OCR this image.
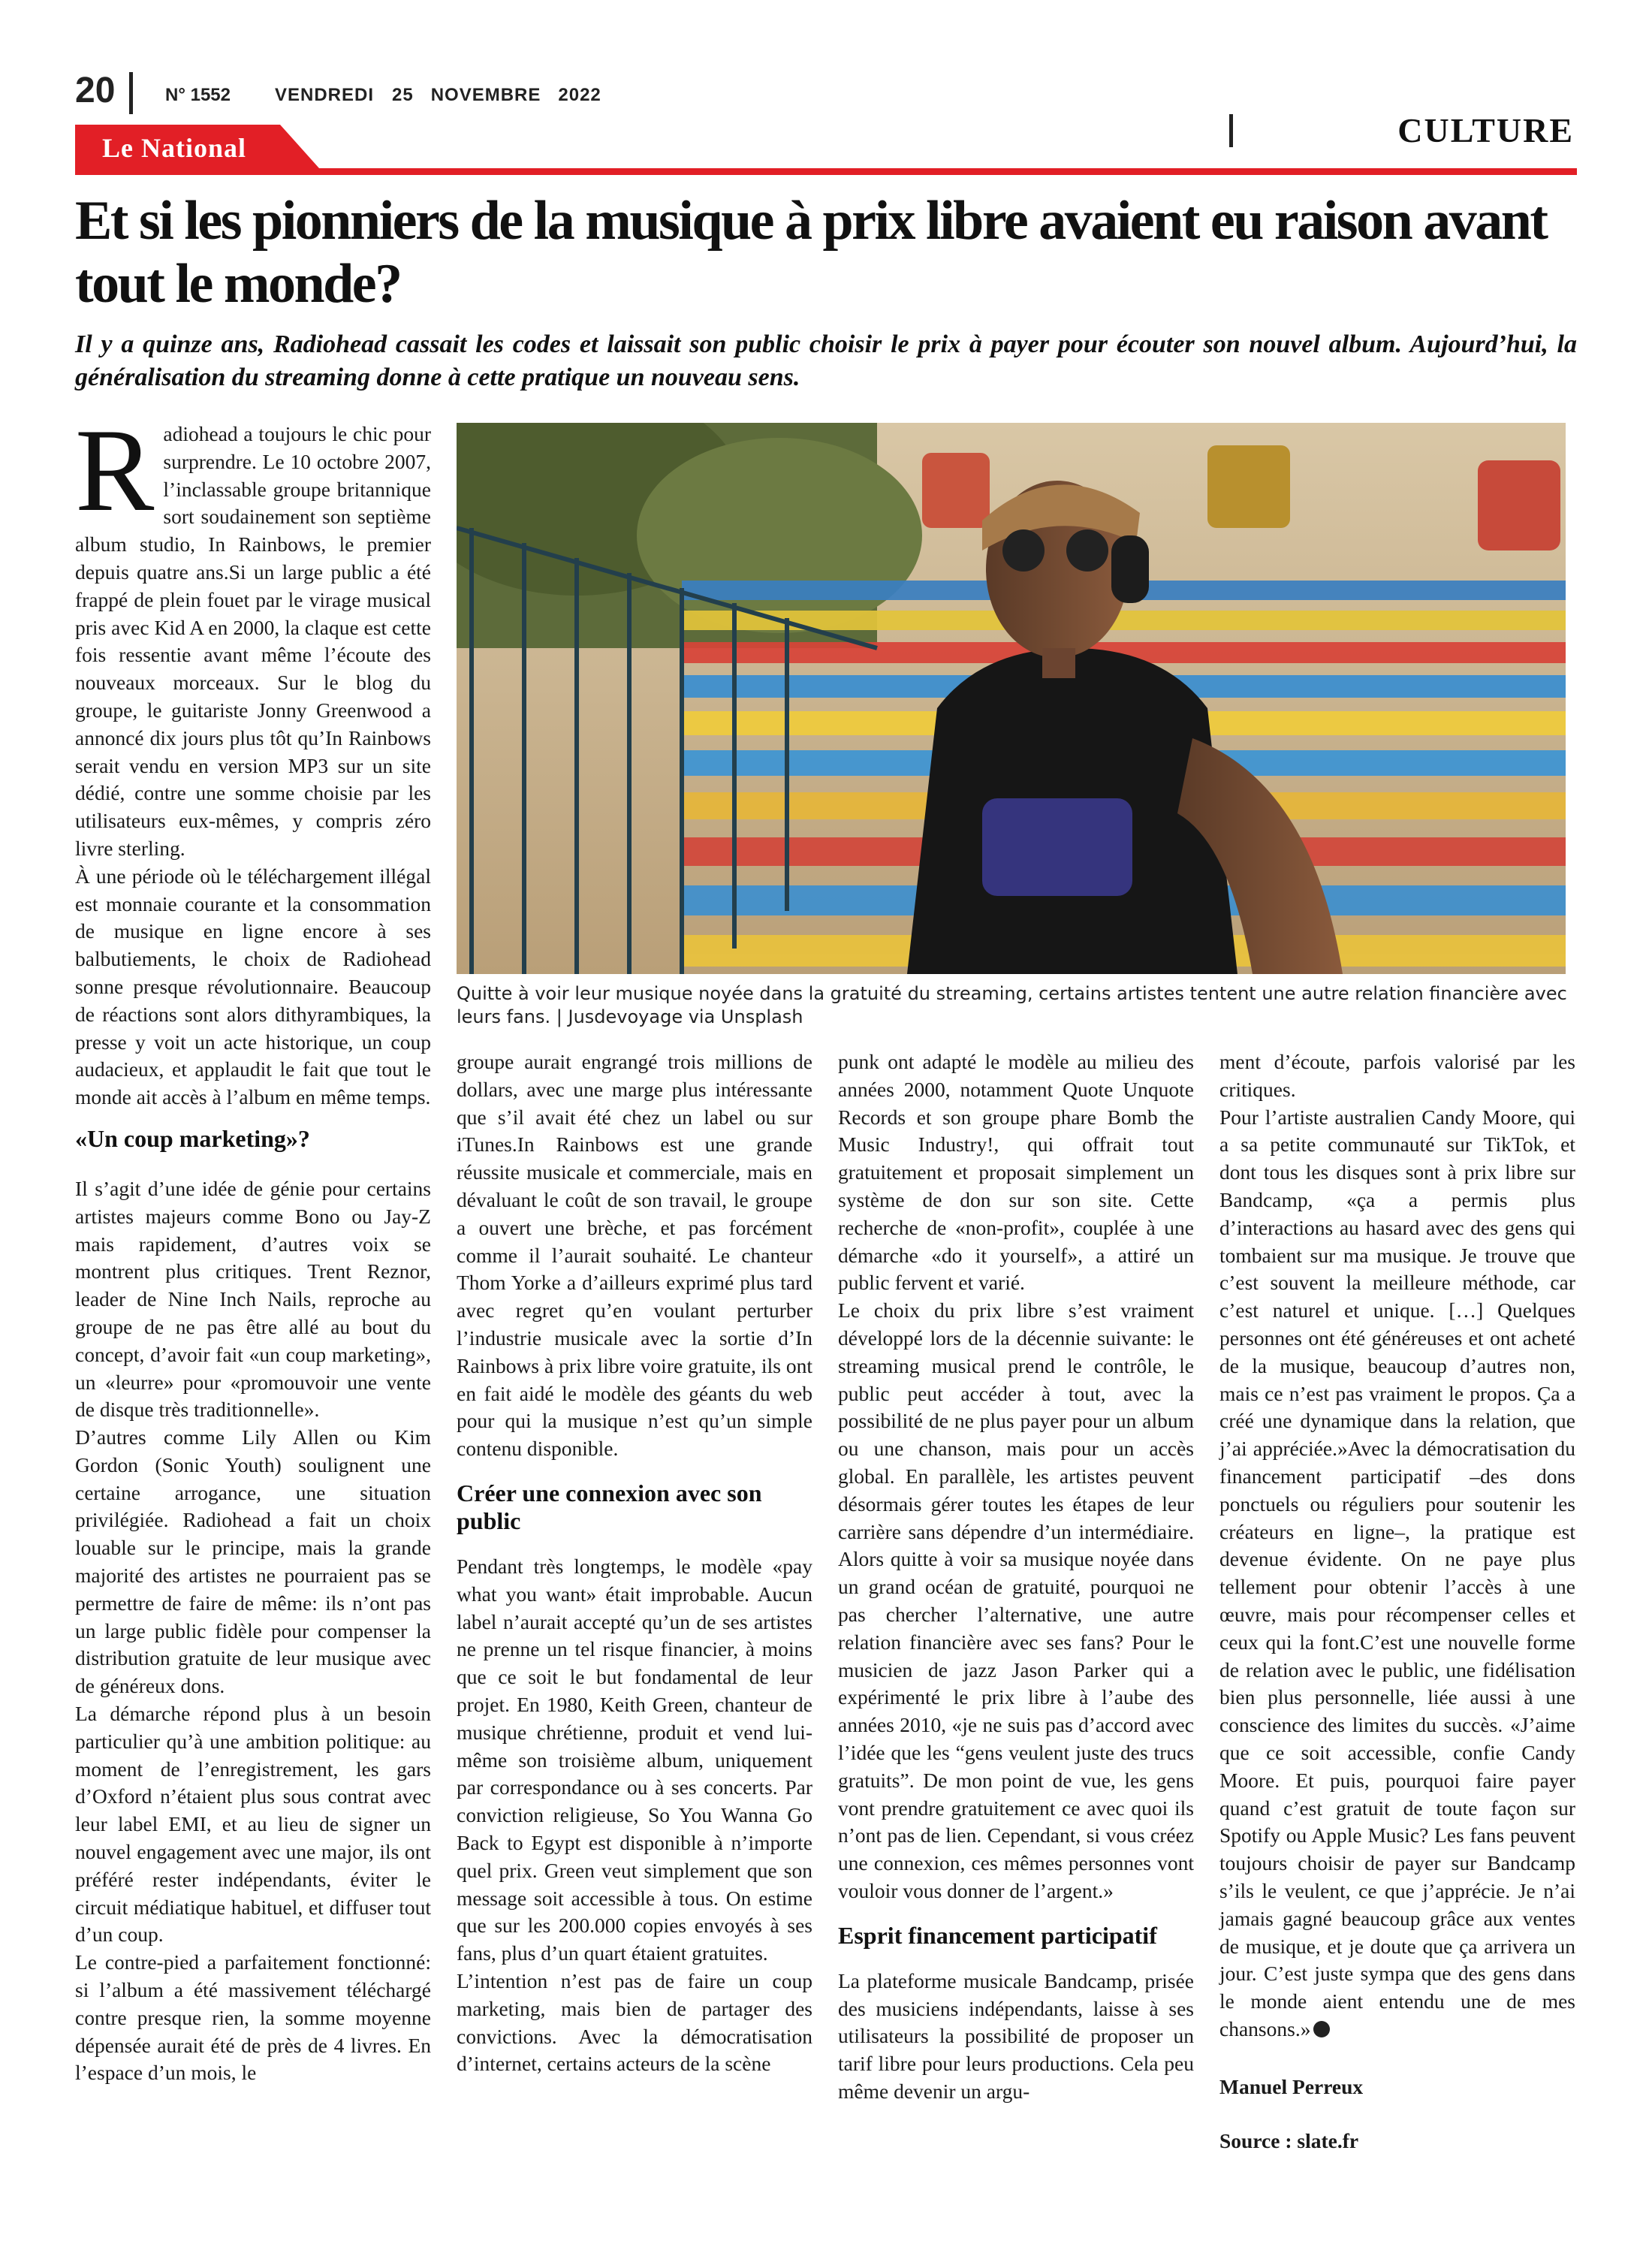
20	N° 1552 VENDREDI 25   NOVEMBRE   2022
CULTURE
Le National
Et si les pionniers de la musique à prix libre avaient eu raison avant tout le monde?

Il y a quinze ans, Radiohead cassait les codes et laissait son public choisir le prix à payer pour écouter son nouvel album. Aujourd’hui, la généralisation du streaming donne à cette pratique un nouveau sens.

Quitte à voir leur musique noyée dans la gratuité du streaming, certains artistes tentent une autre relation financière avec leurs fans. | Jusdevoyage via Unsplash

Radiohead a toujours le chic pour surprendre. Le 10 octobre 2007, l’inclassable groupe britannique sort soudainement son septième album studio, In Rainbows, le premier depuis quatre ans.Si un large public a été frappé de plein fouet par le virage musical pris avec Kid A en 2000, la claque est cette fois ressentie avant même l’écoute des nouveaux morceaux. Sur le blog du groupe, le guitariste Jonny Greenwood a annoncé dix jours plus tôt qu’In Rainbows serait vendu en version MP3 sur un site dédié, contre une somme choisie par les utilisateurs eux-mêmes, y compris zéro livre sterling.

À une période où le téléchargement illégal est monnaie courante et la consommation de musique en ligne encore à ses balbutiements, le choix de Radiohead sonne presque révolutionnaire. Beaucoup de réactions sont alors dithyrambiques, la presse y voit un acte historique, un coup audacieux, et applaudit le fait que tout le monde ait accès à l’album en même temps.

«Un coup marketing»?

Il s’agit d’une idée de génie pour certains artistes majeurs comme Bono ou Jay-Z mais rapidement, d’autres voix se montrent plus critiques. Trent Reznor, leader de Nine Inch Nails, reproche au groupe de ne pas être allé au bout du concept, d’avoir fait «un coup marketing», un «leurre» pour «promouvoir une vente de disque très traditionnelle».

D’autres comme Lily Allen ou Kim Gordon (Sonic Youth) soulignent une certaine arrogance, une situation privilégiée. Radiohead a fait un choix louable sur le principe, mais la grande majorité des artistes ne pourraient pas se permettre de faire de même: ils n’ont pas un large public fidèle pour compenser la distribution gratuite de leur musique avec de généreux dons.

La démarche répond plus à un besoin particulier qu’à une ambition politique: au moment de l’enregistrement, les gars d’Oxford n’étaient plus sous contrat avec leur label EMI, et au lieu de signer un nouvel engagement avec une major, ils ont préféré rester indépendants, éviter le circuit médiatique habituel, et diffuser tout d’un coup.

Le contre-pied a parfaitement fonctionné: si l’album a été massivement téléchargé contre presque rien, la somme moyenne dépensée aurait été de près de 4 livres. En l’espace d’un mois, le

groupe aurait engrangé trois millions de dollars, avec une marge plus intéressante que s’il avait été chez un label ou sur iTunes.In Rainbows est une grande réussite musicale et commerciale, mais en dévaluant le coût de son travail, le groupe a ouvert une brèche, et pas forcément comme il l’aurait souhaité. Le chanteur Thom Yorke a d’ailleurs exprimé plus tard avec regret qu’en voulant perturber l’industrie musicale avec la sortie d’In Rainbows à prix libre voire gratuite, ils ont en fait aidé le modèle des géants du web pour qui la musique n’est qu’un simple contenu disponible.

Créer une connexion avec son public

Pendant très longtemps, le modèle «pay what you want» était improbable. Aucun label n’aurait accepté qu’un de ses artistes ne prenne un tel risque financier, à moins que ce soit le but fondamental de leur projet. En 1980, Keith Green, chanteur de musique chrétienne, produit et vend lui-même son troisième album, uniquement par correspondance ou à ses concerts. Par conviction religieuse, So You Wanna Go Back to Egypt est disponible à n’importe quel prix. Green veut simplement que son message soit accessible à tous. On estime que sur les 200.000 copies envoyés à ses fans, plus d’un quart étaient gratuites.

L’intention n’est pas de faire un coup marketing, mais bien de partager des convictions. Avec la démocratisation d’internet, certains acteurs de la scène

punk ont adapté le modèle au milieu des années 2000, notamment Quote Unquote Records et son groupe phare Bomb the Music Industry!, qui offrait tout gratuitement et proposait simplement un système de don sur son site. Cette recherche de «non-profit», couplée à une démarche «do it yourself», a attiré un public fervent et varié.

Le choix du prix libre s’est vraiment développé lors de la décennie suivante: le streaming musical prend le contrôle, le public peut accéder à tout, avec la possibilité de ne plus payer pour un album ou une chanson, mais pour un accès global. En parallèle, les artistes peuvent désormais gérer toutes les étapes de leur carrière sans dépendre d’un intermédiaire. Alors quitte à voir sa musique noyée dans un grand océan de gratuité, pourquoi ne pas chercher l’alternative, une autre relation financière avec ses fans? Pour le musicien de jazz Jason Parker qui a expérimenté le prix libre à l’aube des années 2010, «je ne suis pas d’accord avec l’idée que les “gens veulent juste des trucs gratuits”. De mon point de vue, les gens vont prendre gratuitement ce avec quoi ils n’ont pas de lien. Cependant, si vous créez une connexion, ces mêmes personnes vont vouloir vous donner de l’argent.»

Esprit financement participatif

La plateforme musicale Bandcamp, prisée des musiciens indépendants, laisse à ses utilisateurs la possibilité de proposer un tarif libre pour leurs productions. Cela peu même devenir un argu-

ment d’écoute, parfois valorisé par les critiques.

Pour l’artiste australien Candy Moore, qui a sa petite communauté sur TikTok, et dont tous les disques sont à prix libre sur Bandcamp, «ça a permis plus d’interactions au hasard avec des gens qui tombaient sur ma musique. Je trouve que c’est souvent la meilleure méthode, car c’est naturel et unique. […] Quelques personnes ont été généreuses et ont acheté de la musique, beaucoup d’autres non, mais ce n’est pas vraiment le propos. Ça a créé une dynamique dans la relation, que j’ai appréciée.»Avec la démocratisation du financement participatif –des dons ponctuels ou réguliers pour soutenir les créateurs en ligne–, la pratique est devenue évidente. On ne paye plus tellement pour obtenir l’accès à une œuvre, mais pour récompenser celles et ceux qui la font.C’est une nouvelle forme de relation avec le public, une fidélisation bien plus personnelle, liée aussi à une conscience des limites du succès. «J’aime que ce soit accessible, confie Candy Moore. Et puis, pourquoi faire payer quand c’est gratuit de toute façon sur Spotify ou Apple Music? Les fans peuvent toujours choisir de payer sur Bandcamp s’ils le veulent, ce que j’apprécie. Je n’ai jamais gagné beaucoup grâce aux ventes de musique, et je doute que ça arrivera un jour. C’est juste sympa que des gens dans le monde aient entendu une de mes chansons.»

Manuel Perreux

Source : slate.fr
